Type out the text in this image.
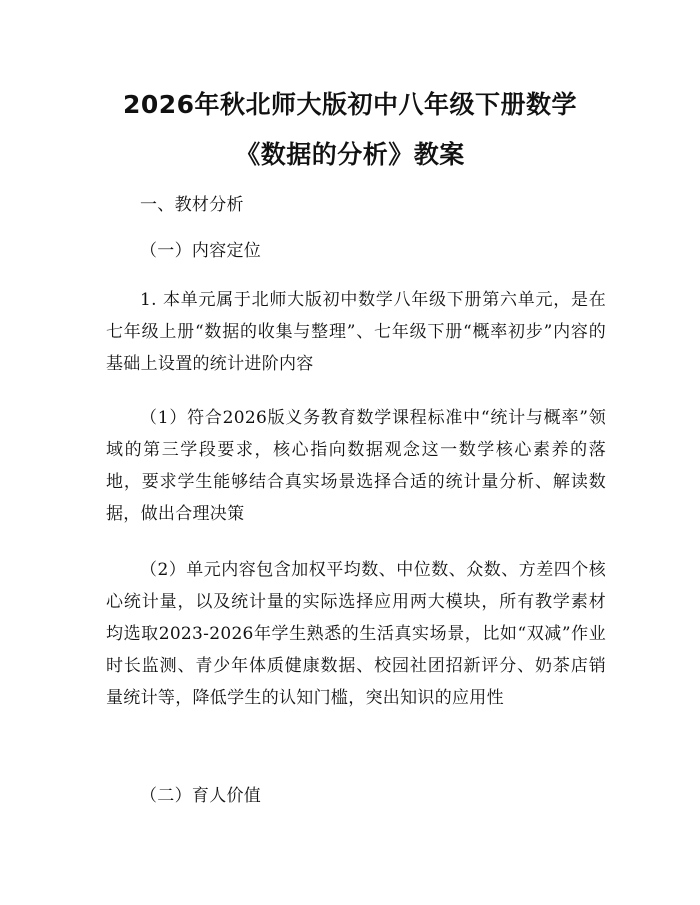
2026年秋北师大版初中八年级下册数学《数据的分析》教案

一、教材分析

（一）内容定位

1. 本单元属于北师大版初中数学八年级下册第六单元，是在七年级上册“数据的收集与整理”、七年级下册“概率初步”内容的基础上设置的统计进阶内容

（1）符合2026版义务教育数学课程标准中“统计与概率”领域的第三学段要求，核心指向数据观念这一数学核心素养的落地，要求学生能够结合真实场景选择合适的统计量分析、解读数据，做出合理决策

（2）单元内容包含加权平均数、中位数、众数、方差四个核心统计量，以及统计量的实际选择应用两大模块，所有教学素材均选取2023-2026年学生熟悉的生活真实场景，比如“双减”作业时长监测、青少年体质健康数据、校园社团招新评分、奶茶店销量统计等，降低学生的认知门槛，突出知识的应用性

（二）育人价值
